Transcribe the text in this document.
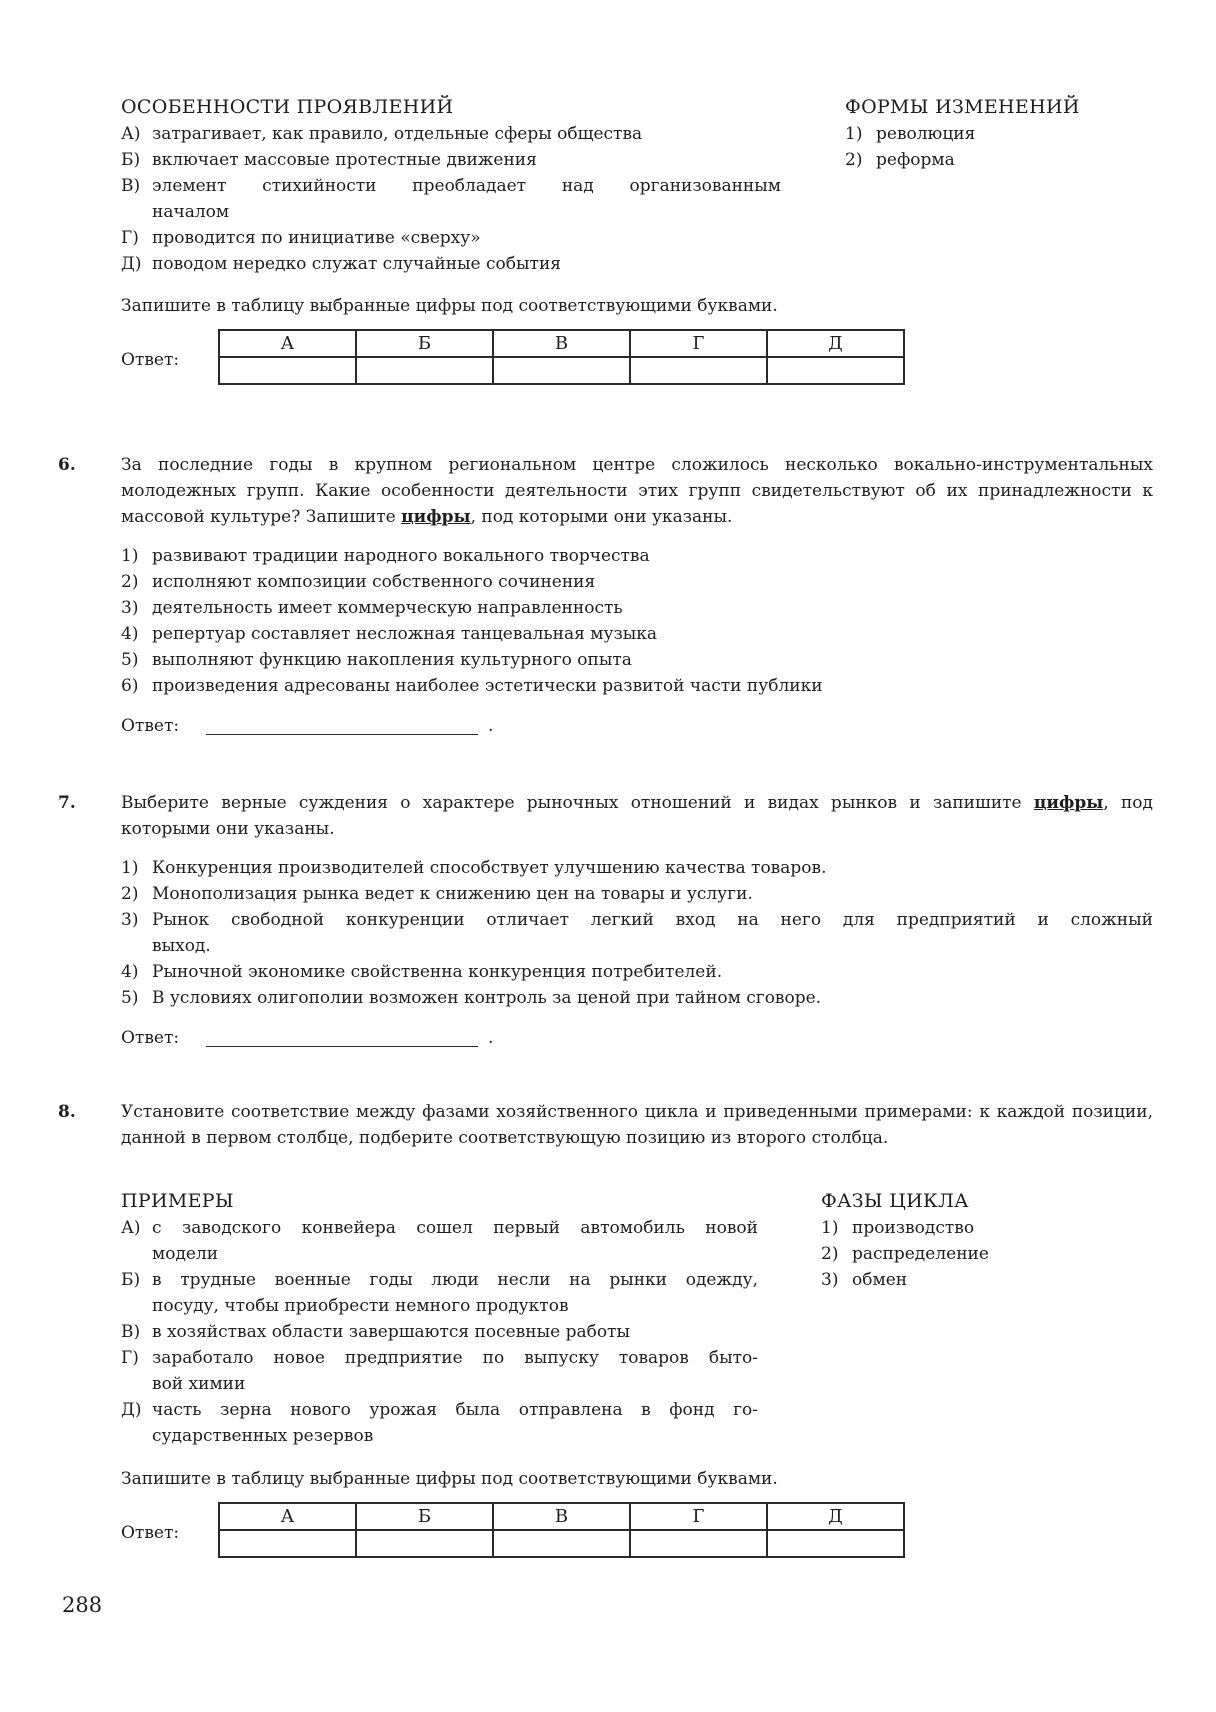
ОСОБЕННОСТИ ПРОЯВЛЕНИЙ	ФОРМЫ ИЗМЕНЕНИЙ
А) затрагивает, как правило, отдельные сферы общества
Б) включает массовые протестные движения
В) элемент стихийности преобладает над организованным
началом
Г) проводится по инициативе «сверху»
Д) поводом нередко служат случайные события
1) революция
2) реформа
Запишите в таблицу выбранные цифры под соответствующими буквами.
Ответ:
А	Б	В	Г	Д

6.	За последние годы в крупном региональном центре сложилось несколько вокально-инструментальных молодежных групп. Какие особенности деятельности этих групп свидетельствуют об их принадлежности к массовой культуре? Запишите цифры, под которыми они указаны.
1) развивают традиции народного вокального творчества
2) исполняют композиции собственного сочинения
3) деятельность имеет коммерческую направленность
4) репертуар составляет несложная танцевальная музыка
5) выполняют функцию накопления культурного опыта
6) произведения адресованы наиболее эстетически развитой части публики
Ответ:	.
7.	Выберите верные суждения о характере рыночных отношений и видах рынков и запишите цифры, под которыми они указаны.
1) Конкуренция производителей способствует улучшению качества товаров.
2) Монополизация рынка ведет к снижению цен на товары и услуги.
3) Рынок свободной конкуренции отличает легкий вход на него для предприятий и сложный
выход.
4) Рыночной экономике свойственна конкуренция потребителей.
5) В условиях олигополии возможен контроль за ценой при тайном сговоре.
Ответ:	.
8.	Установите соответствие между фазами хозяйственного цикла и приведенными примерами: к каждой позиции, данной в первом столбце, подберите соответствующую позицию из второго столбца.
ПРИМЕРЫ	ФАЗЫ ЦИКЛА
А) с заводского конвейера сошел первый автомобиль новой
модели
Б) в трудные военные годы люди несли на рынки одежду,
посуду, чтобы приобрести немного продуктов
В) в хозяйствах области завершаются посевные работы
Г) заработало новое предприятие по выпуску товаров быто-
вой химии
Д) часть зерна нового урожая была отправлена в фонд го-
сударственных резервов
1) производство
2) распределение
3) обмен
Запишите в таблицу выбранные цифры под соответствующими буквами.
Ответ:
А	Б	В	Г	Д

288
